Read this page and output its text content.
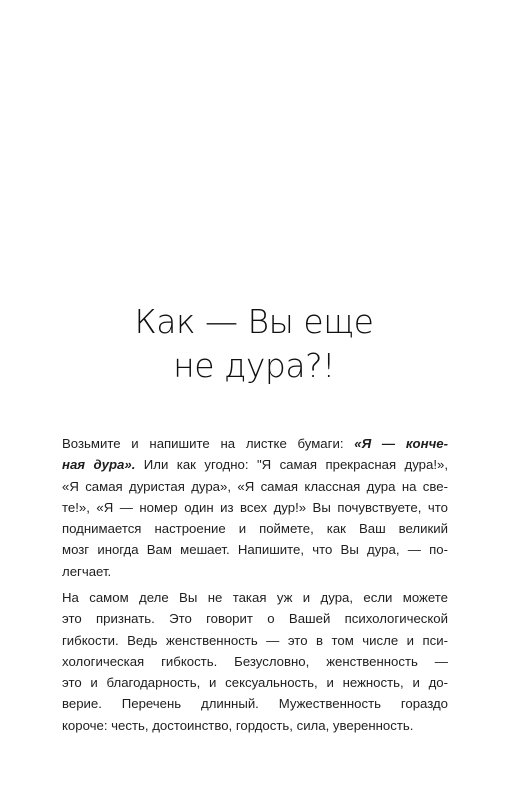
Как — Вы еще
не дура?!
Возьмите и напишите на листке бумаги: «Я — конче-
ная дура». Или как угодно: "Я самая прекрасная дура!»,
«Я самая дуристая дура», «Я самая классная дура на све-
те!», «Я — номер один из всех дур!» Вы почувствуете, что
поднимается настроение и поймете, как Ваш великий
мозг иногда Вам мешает. Напишите, что Вы дура, — по-
легчает.
На самом деле Вы не такая уж и дура, если можете
это признать. Это говорит о Вашей психологической
гибкости. Ведь женственность — это в том числе и пси-
хологическая гибкость. Безусловно, женственность —
это и благодарность, и сексуальность, и нежность, и до-
верие. Перечень длинный. Мужественность гораздо
короче: честь, достоинство, гордость, сила, уверенность.
